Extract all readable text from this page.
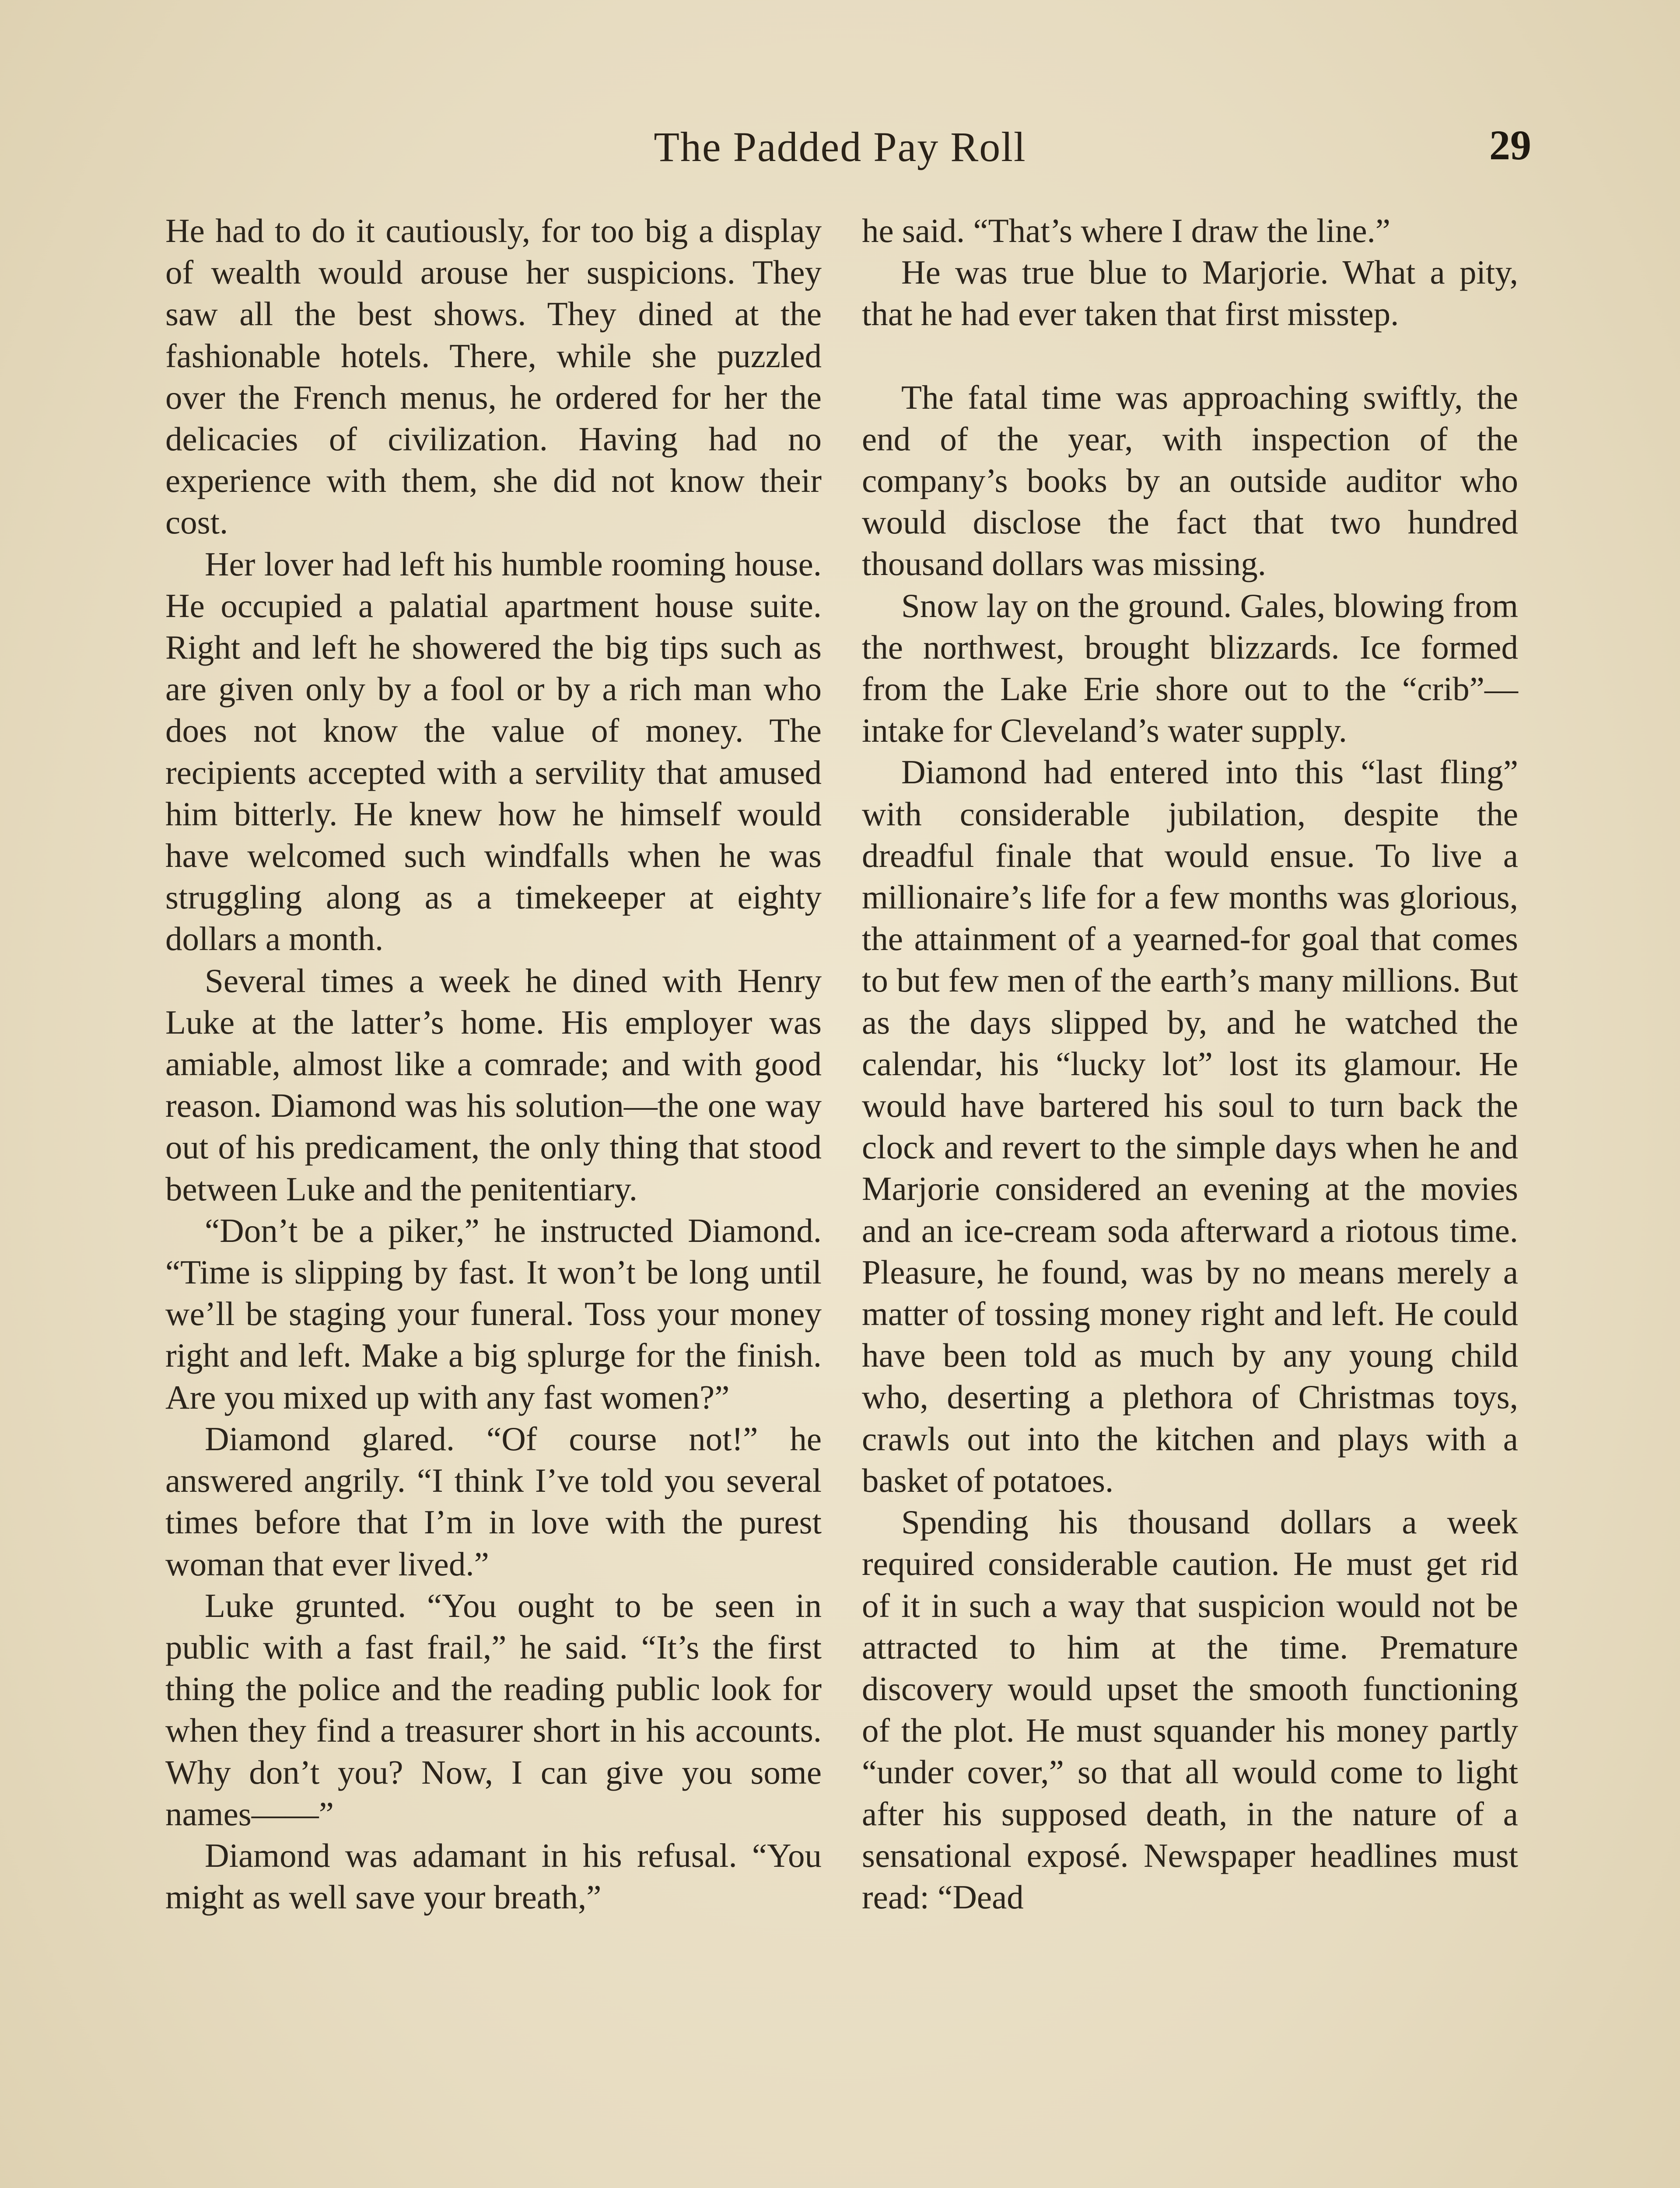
The Padded Pay Roll	29

He had to do it cautiously, for too big a display of wealth would arouse her suspicions. They saw all the best shows. They dined at the fashionable hotels. There, while she puzzled over the French menus, he ordered for her the delicacies of civilization. Having had no experience with them, she did not know their cost.

Her lover had left his humble rooming house. He occupied a palatial apartment house suite. Right and left he showered the big tips such as are given only by a fool or by a rich man who does not know the value of money. The recipients accepted with a servility that amused him bitterly. He knew how he himself would have welcomed such windfalls when he was struggling along as a timekeeper at eighty dollars a month.

Several times a week he dined with Henry Luke at the latter’s home. His employer was amiable, almost like a comrade; and with good reason. Diamond was his solution—the one way out of his predicament, the only thing that stood between Luke and the penitentiary.

“Don’t be a piker,” he instructed Diamond. “Time is slipping by fast. It won’t be long until we’ll be staging your funeral. Toss your money right and left. Make a big splurge for the finish. Are you mixed up with any fast women?”

Diamond glared. “Of course not!” he answered angrily. “I think I’ve told you several times before that I’m in love with the purest woman that ever lived.”

Luke grunted. “You ought to be seen in public with a fast frail,” he said. “It’s the first thing the police and the reading public look for when they find a treasurer short in his accounts. Why don’t you? Now, I can give you some names——”

Diamond was adamant in his refusal. “You might as well save your breath,”

he said. “That’s where I draw the line.”

He was true blue to Marjorie. What a pity, that he had ever taken that first misstep.

The fatal time was approaching swiftly, the end of the year, with inspection of the company’s books by an outside auditor who would disclose the fact that two hundred thousand dollars was missing.

Snow lay on the ground. Gales, blowing from the northwest, brought blizzards. Ice formed from the Lake Erie shore out to the “crib”—intake for Cleveland’s water supply.

Diamond had entered into this “last fling” with considerable jubilation, despite the dreadful finale that would ensue. To live a millionaire’s life for a few months was glorious, the attainment of a yearned-for goal that comes to but few men of the earth’s many millions. But as the days slipped by, and he watched the calendar, his “lucky lot” lost its glamour. He would have bartered his soul to turn back the clock and revert to the simple days when he and Marjorie considered an evening at the movies and an ice-cream soda afterward a riotous time. Pleasure, he found, was by no means merely a matter of tossing money right and left. He could have been told as much by any young child who, deserting a plethora of Christmas toys, crawls out into the kitchen and plays with a basket of potatoes.

Spending his thousand dollars a week required considerable caution. He must get rid of it in such a way that suspicion would not be attracted to him at the time. Premature discovery would upset the smooth functioning of the plot. He must squander his money partly “under cover,” so that all would come to light after his supposed death, in the nature of a sensational exposé. Newspaper headlines must read: “Dead
